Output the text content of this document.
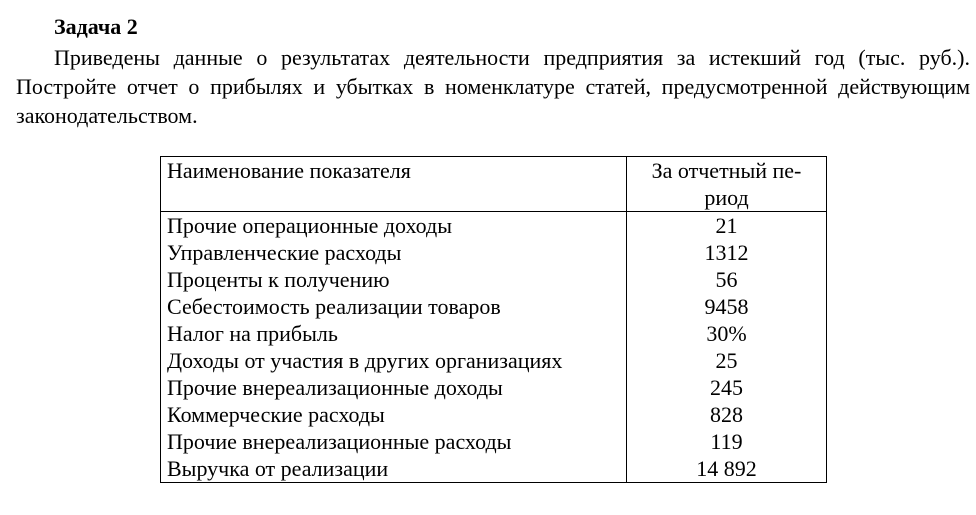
Задача 2

Приведены данные о результатах деятельности предприятия за истекший год (тыс. руб.). Постройте отчет о прибылях и убытках в номенклатуре статей, предусмотренной действующим законодательством.

Наименование показателя	За отчетный пе-риод
Прочие операционные доходы	21
Управленческие расходы	1312
Проценты к получению	56
Себестоимость реализации товаров	9458
Налог на прибыль	30%
Доходы от участия в других организациях	25
Прочие внереализационные доходы	245
Коммерческие расходы	828
Прочие внереализационные расходы	119
Выручка от реализации	14 892
